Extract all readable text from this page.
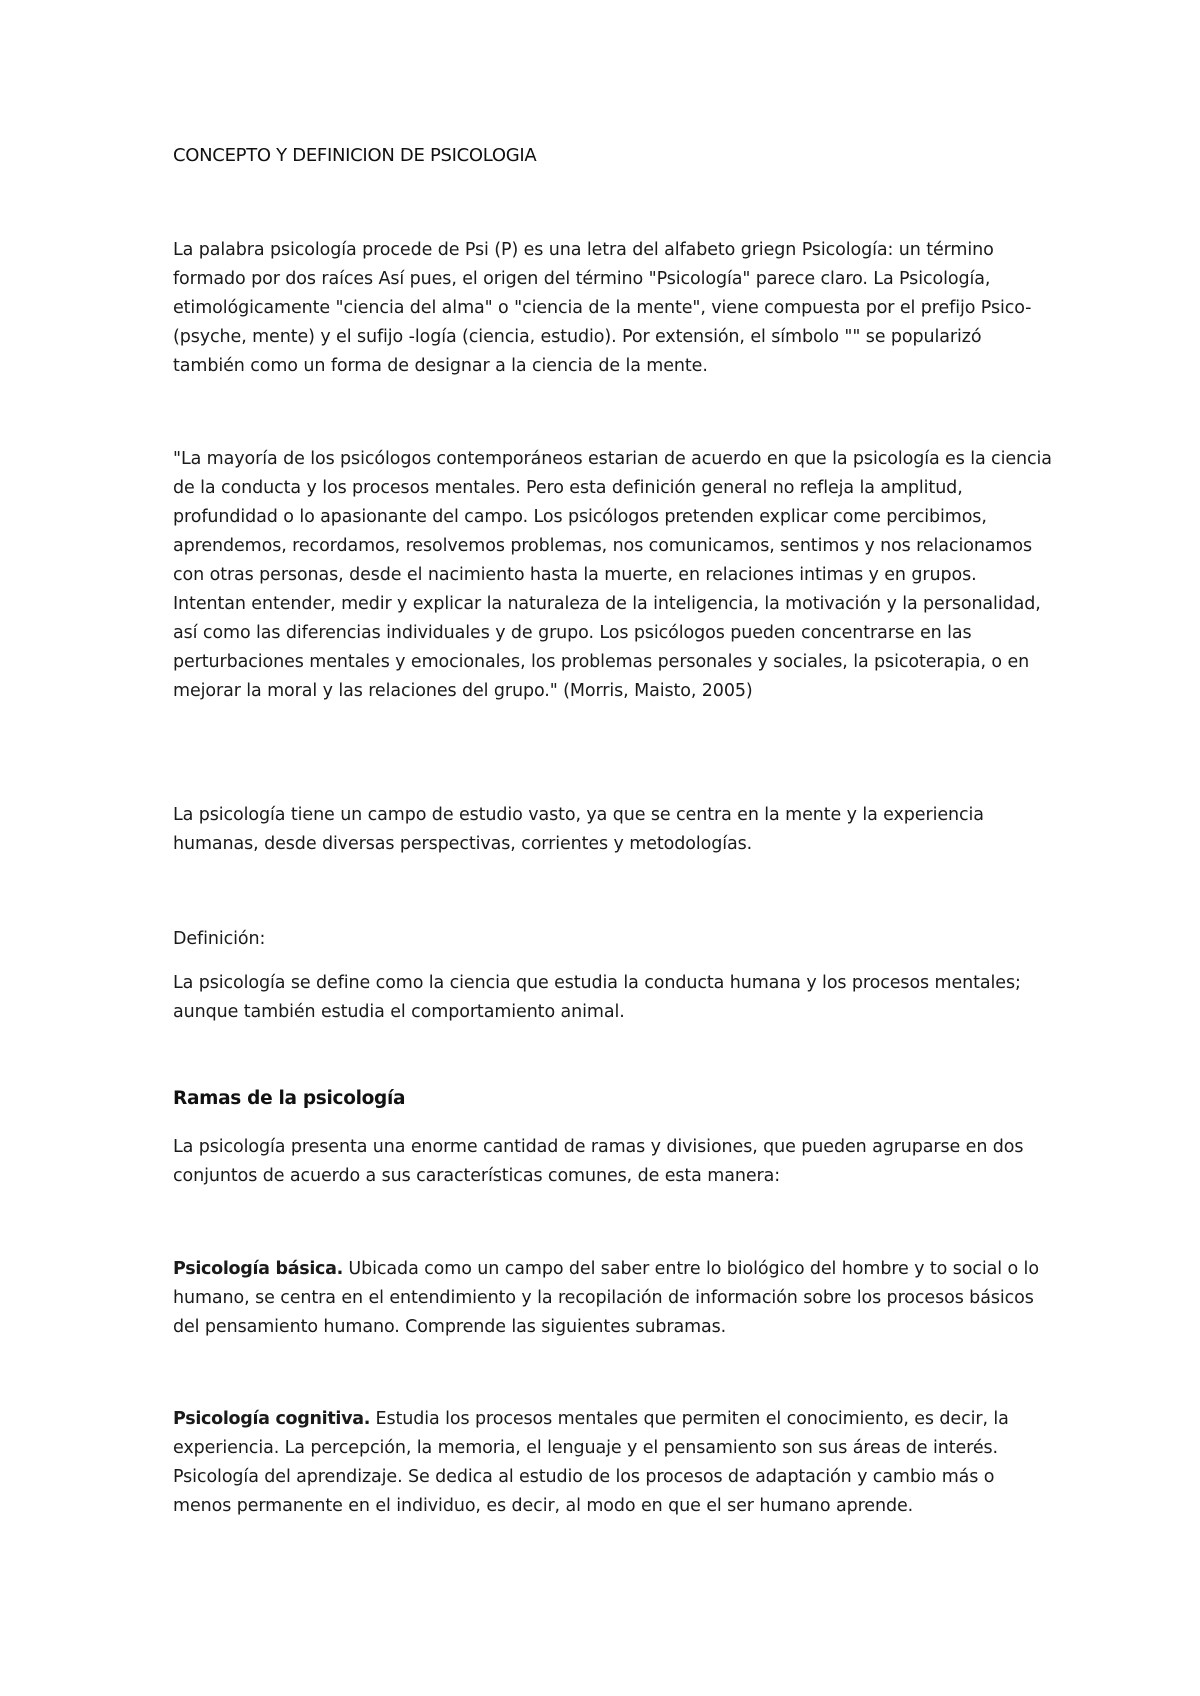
CONCEPTO Y DEFINICION DE PSICOLOGIA

La palabra psicología procede de Psi (P) es una letra del alfabeto griegn Psicología: un término formado por dos raíces Así pues, el origen del término "Psicología" parece claro. La Psicología, etimológicamente "ciencia del alma" o "ciencia de la mente", viene compuesta por el prefijo Psico- (psyche, mente) y el sufijo -logía (ciencia, estudio). Por extensión, el símbolo "" se popularizó también como un forma de designar a la ciencia de la mente.

"La mayoría de los psicólogos contemporáneos estarian de acuerdo en que la psicología es la ciencia de la conducta y los procesos mentales. Pero esta definición general no refleja la amplitud, profundidad o lo apasionante del campo. Los psicólogos pretenden explicar come percibimos, aprendemos, recordamos, resolvemos problemas, nos comunicamos, sentimos y nos relacionamos con otras personas, desde el nacimiento hasta la muerte, en relaciones intimas y en grupos. Intentan entender, medir y explicar la naturaleza de la inteligencia, la motivación y la personalidad, así como las diferencias individuales y de grupo. Los psicólogos pueden concentrarse en las perturbaciones mentales y emocionales, los problemas personales y sociales, la psicoterapia, o en mejorar la moral y las relaciones del grupo." (Morris, Maisto, 2005)

La psicología tiene un campo de estudio vasto, ya que se centra en la mente y la experiencia humanas, desde diversas perspectivas, corrientes y metodologías.

Definición:

La psicología se define como la ciencia que estudia la conducta humana y los procesos mentales; aunque también estudia el comportamiento animal.

Ramas de la psicología

La psicología presenta una enorme cantidad de ramas y divisiones, que pueden agruparse en dos conjuntos de acuerdo a sus características comunes, de esta manera:

Psicología básica. Ubicada como un campo del saber entre lo biológico del hombre y to social o lo humano, se centra en el entendimiento y la recopilación de información sobre los procesos básicos del pensamiento humano. Comprende las siguientes subramas.

Psicología cognitiva. Estudia los procesos mentales que permiten el conocimiento, es decir, la experiencia. La percepción, la memoria, el lenguaje y el pensamiento son sus áreas de interés. Psicología del aprendizaje. Se dedica al estudio de los procesos de adaptación y cambio más o menos permanente en el individuo, es decir, al modo en que el ser humano aprende.
